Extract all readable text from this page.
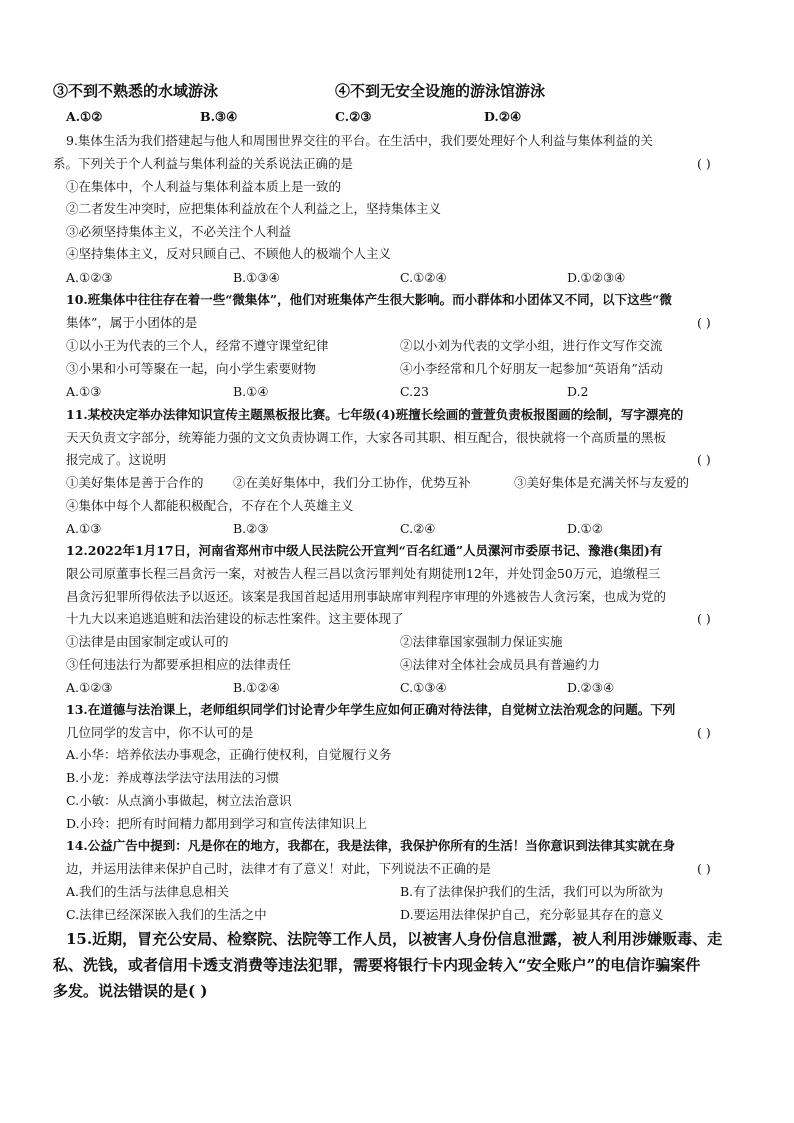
③不到不熟悉的水域游泳	④不到无安全设施的游泳馆游泳
A.①②	B.③④	C.②③	D.②④
9.集体生活为我们搭建起与他人和周围世界交往的平台。在生活中，我们要处理好个人利益与集体利益的关
系。下列关于个人利益与集体利益的关系说法正确的是	( )
①在集体中，个人利益与集体利益本质上是一致的
②二者发生冲突时，应把集体利益放在个人利益之上，坚持集体主义
③必须坚持集体主义，不必关注个人利益
④坚持集体主义，反对只顾自己、不顾他人的极端个人主义
A.①②③	B.①③④	C.①②④	D.①②③④
10.班集体中往往存在着一些“微集体”，他们对班集体产生很大影响。而小群体和小团体又不同，以下这些“微
集体”，属于小团体的是	( )
①以小王为代表的三个人，经常不遵守课堂纪律	②以小刘为代表的文学小组，进行作文写作交流
③小果和小可等聚在一起，向小学生索要财物	④小李经常和几个好朋友一起参加“英语角”活动
A.①③	B.①④	C.23	D.2
11.某校决定举办法律知识宣传主题黑板报比赛。七年级(4)班擅长绘画的萱萱负责板报图画的绘制，写字漂亮的
天天负责文字部分，统筹能力强的文文负责协调工作，大家各司其职、相互配合，很快就将一个高质量的黑板
报完成了。这说明	( )
①美好集体是善于合作的 ②在美好集体中，我们分工协作，优势互补	③美好集体是充满关怀与友爱的
④集体中每个人都能积极配合，不存在个人英雄主义
A.①③	B.②③	C.②④	D.①②
12.2022年1月17日，河南省郑州市中级人民法院公开宣判“百名红通”人员漯河市委原书记、豫港(集团)有
限公司原董事长程三昌贪污一案，对被告人程三昌以贪污罪判处有期徒刑12年，并处罚金50万元，追缴程三
昌贪污犯罪所得依法予以返还。该案是我国首起适用刑事缺席审判程序审理的外逃被告人贪污案，也成为党的
十九大以来追逃追赃和法治建设的标志性案件。这主要体现了	( )
①法律是由国家制定或认可的	②法律靠国家强制力保证实施
③任何违法行为都要承担相应的法律责任	④法律对全体社会成员具有普遍约力
A.①②③	B.①②④	C.①③④	D.②③④
13.在道德与法治课上，老师组织同学们讨论青少年学生应如何正确对待法律，自觉树立法治观念的问题。下列
几位同学的发言中，你不认可的是	( )
A.小华：培养依法办事观念，正确行使权利，自觉履行义务
B.小龙：养成尊法学法守法用法的习惯
C.小敏：从点滴小事做起，树立法治意识
D.小玲：把所有时间精力都用到学习和宣传法律知识上
14.公益广告中提到：凡是你在的地方，我都在，我是法律，我保护你所有的生活！当你意识到法律其实就在身
边，并运用法律来保护自己时，法律才有了意义！对此，下列说法不正确的是	( )
A.我们的生活与法律息息相关	B.有了法律保护我们的生活，我们可以为所欲为
C.法律已经深深嵌入我们的生活之中	D.要运用法律保护自己，充分彰显其存在的意义
15.近期，冒充公安局、检察院、法院等工作人员，以被害人身份信息泄露，被人利用涉嫌贩毒、走
私、洗钱，或者信用卡透支消费等违法犯罪，需要将银行卡内现金转入“安全账户”的电信诈骗案件
多发。说法错误的是( )
